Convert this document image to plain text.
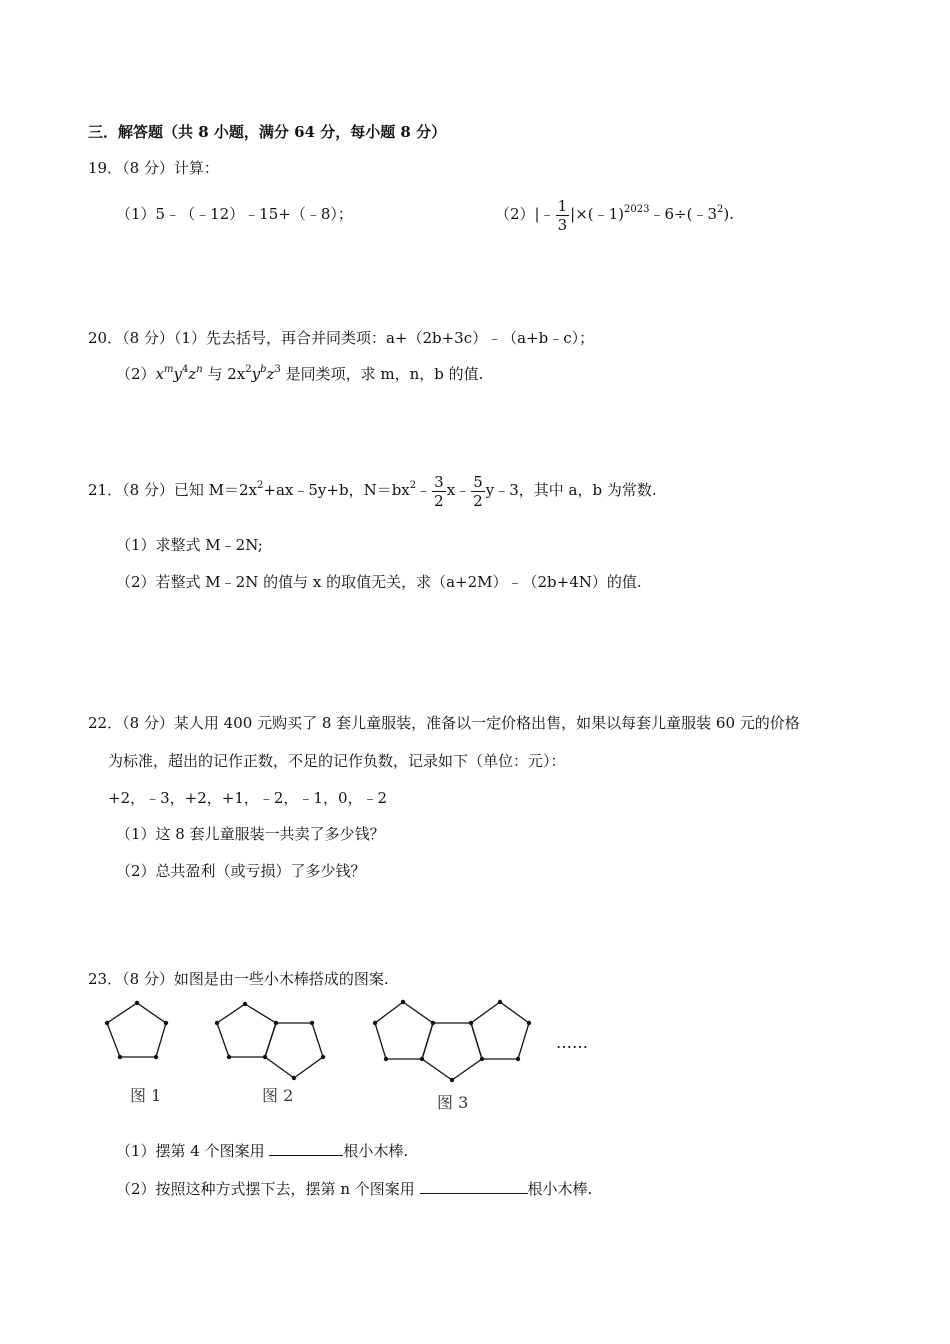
三．解答题（共 8 小题，满分 64 分，每小题 8 分）
19．（8 分）计算：
（1）5﹣（﹣12）﹣15+（﹣8）；	（2）|﹣ $\frac{1}{3}$ $|\times(﹣1)^{2023}﹣6\div(﹣3^2)$.
20．（8 分）（1）先去括号，再合并同类项：a+（2b+3c）﹣（a+b﹣c）；
$(2)x^my^4z^n$ 与 $2x^2y^bz^3$ 是同类项，求 m，n，b 的值.
21．（8 分）已知 $M=2x^2+ax﹣5y+b$，$N=bx^2﹣ \frac{3}{2}$ x﹣ $\frac{5}{2}$ y﹣3，其中 a，b 为常数.
（1）求整式 M﹣2N;
（2）若整式 M﹣2N 的值与 x 的取值无关，求（a+2M）﹣（2b+4N）的值.
22．（8 分）某人用 400 元购买了 8 套儿童服装，准备以一定价格出售，如果以每套儿童服装 60 元的价格
为标准，超出的记作正数，不足的记作负数，记录如下（单位：元）：
+2，﹣3，+2，+1，﹣2，﹣1，0，﹣2
（1）这 8 套儿童服装一共卖了多少钱？
（2）总共盈利（或亏损）了多少钱？
23．（8 分）如图是由一些小木棒搭成的图案.
图 1	图 2	图 3
……
（1）摆第 4 个图案用	根小木棒.
（2）按照这种方式摆下去，摆第 n 个图案用	根小木棒.
